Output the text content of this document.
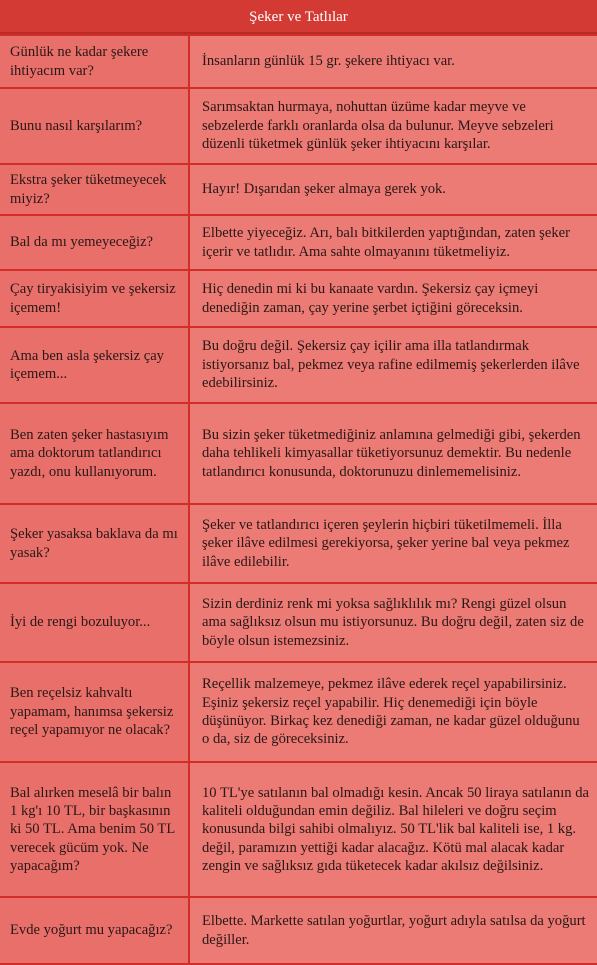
Şeker ve Tatlılar
Günlük ne kadar şekere ihtiyacım var?	İnsanların günlük 15 gr. şekere ihtiyacı var.
Bunu nasıl karşılarım?	Sarımsaktan hurmaya, nohuttan üzüme kadar meyve ve sebzelerde farklı oranlarda olsa da bulunur. Meyve sebzeleri düzenli tüketmek günlük şeker ihtiyacını karşılar.
Ekstra şeker tüketmeyecek miyiz?	Hayır! Dışarıdan şeker almaya gerek yok.
Bal da mı yemeyeceğiz?	Elbette yiyeceğiz. Arı, balı bitkilerden yaptığından, zaten şeker içerir ve tatlıdır. Ama sahte olmayanını tüketmeliyiz.
Çay tiryakisiyim ve şekersiz içemem!	Hiç denedin mi ki bu kanaate vardın. Şekersiz çay içmeyi denediğin zaman, çay yerine şerbet içtiğini göreceksin.
Ama ben asla şekersiz çay içemem...	Bu doğru değil. Şekersiz çay içilir ama illa tatlandırmak istiyorsanız bal, pekmez veya rafine edilmemiş şekerlerden ilâve edebilirsiniz.
Ben zaten şeker hastasıyım ama doktorum tatlandırıcı yazdı, onu kullanıyorum.	Bu sizin şeker tüketmediğiniz anlamına gelmediği gibi, şekerden daha tehlikeli kimyasallar tüketiyorsunuz demektir. Bu nedenle tatlandırıcı konusunda, doktorunuzu dinlememelisiniz.
Şeker yasaksa baklava da mı yasak?	Şeker ve tatlandırıcı içeren şeylerin hiçbiri tüketilmemeli. İlla şeker ilâve edilmesi gerekiyorsa, şeker yerine bal veya pekmez ilâve edilebilir.
İyi de rengi bozuluyor...	Sizin derdiniz renk mi yoksa sağlıklılık mı? Rengi güzel olsun ama sağlıksız olsun mu istiyorsunuz. Bu doğru değil, zaten siz de böyle olsun istemezsiniz.
Ben reçelsiz kahvaltı yapamam, hanımsa şekersiz reçel yapamıyor ne olacak?	Reçellik malzemeye, pekmez ilâve ederek reçel yapabilirsiniz. Eşiniz şekersiz reçel yapabilir. Hiç denemediği için böyle düşünüyor. Birkaç kez denediği zaman, ne kadar güzel olduğunu o da, siz de göreceksiniz.
Bal alırken meselâ bir balın 1 kg'ı 10 TL, bir başkasının ki 50 TL. Ama benim 50 TL verecek gücüm yok. Ne yapacağım?	10 TL'ye satılanın bal olmadığı kesin. Ancak 50 liraya satılanın da kaliteli olduğundan emin değiliz. Bal hileleri ve doğru seçim konusunda bilgi sahibi olmalıyız. 50 TL'lik bal kaliteli ise, 1 kg. değil, paramızın yettiği kadar alacağız. Kötü mal alacak kadar zengin ve sağlıksız gıda tüketecek kadar akılsız değilsiniz.
Evde yoğurt mu yapacağız?	Elbette. Markette satılan yoğurtlar, yoğurt adıyla satılsa da yoğurt değiller.
